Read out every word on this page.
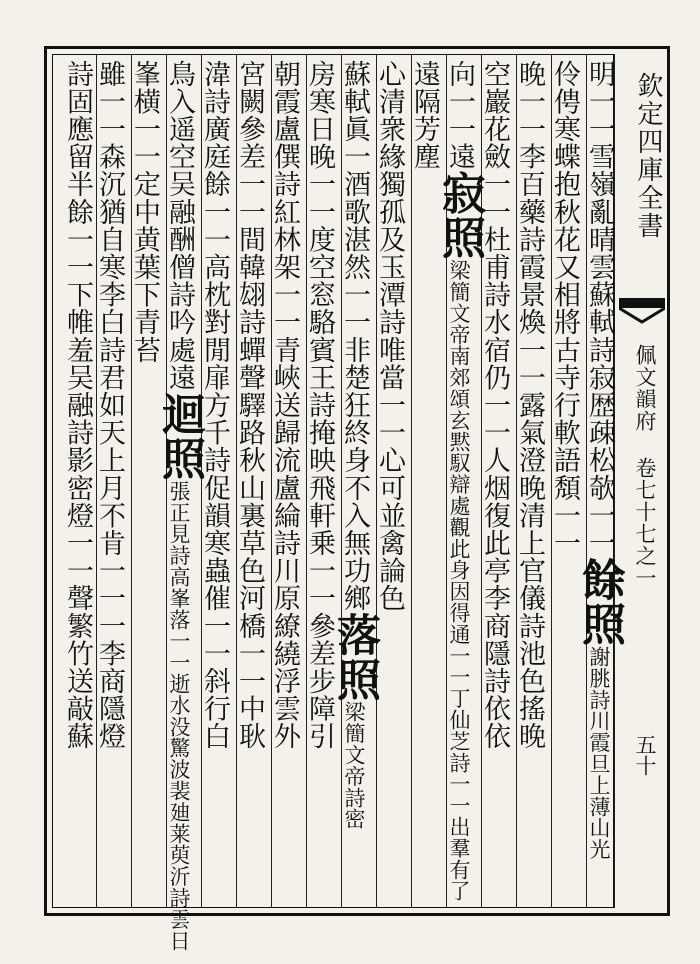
欽定四庫全書
佩文韻府 卷七十七之一
五十
明一一雪嶺亂晴雲蘇軾詩寂歴疎松欹一一餘照謝朓詩川霞旦上薄山光
伶俜寒蝶抱秋花又相將古寺行軟語頽一一
晚一一李百藥詩霞景煥一一露氣澄晚清上官儀詩池色搖晚
空巖花斂一一杜甫詩水宿仍一一人烟復此亭李商隱詩依依
向一一遠寂照梁簡文帝南郊頌玄黙馭辯處觀此身因得通一一丁仙芝詩一一出羣有了
遠隔芳塵
心清衆緣獨孤及玉潭詩唯當一一心可並禽論色
蘇軾眞一酒歌湛然一一非楚狂終身不入無功鄉落照梁簡文帝詩密
房寒日晚一一度空窓駱賓王詩掩映飛軒乗一一參差步障引
朝霞盧僎詩紅林架一一青峽送歸流盧綸詩川原繚繞浮雲外
宮闕參差一一間韓翃詩蟬聲驛路秋山裏草色河橋一一中耿
湋詩廣庭餘一一高枕對閒扉方千詩促韻寒蟲催一一斜行白
鳥入遥空吴融酬僧詩吟處遠迴照張正見詩高峯落一一逝水没驚波裴廸莱萸沂詩雲日
峯横一一定中黄葉下青苔
雖一一森沉猶自寒李白詩君如天上月不肯一一一李商隱燈
詩固應留半餘一一下帷羞吴融詩影密燈一一聲繁竹送敲蘇
